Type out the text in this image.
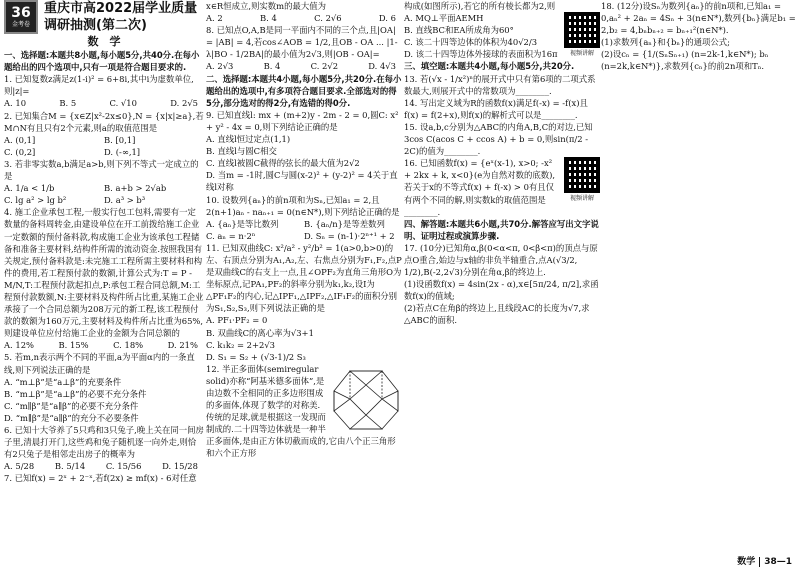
36
金考卷
重庆市高2022届学业质量
调研抽测(第二次)
数　学

一、选择题:本题共8小题,每小题5分,共40分.在每小题给出的四个选项中,只有一项是符合题目要求的.

1. 已知复数z满足z(1-i)² = 6+8i,其中i为虚数单位,则|z|=

A. 10	B. 5	C. √10	D. 2√5

2. 已知集合M = {x∈Z|x²-2x≤0},N = {x|x|≥a},若M∩N有且只有2个元素,则a的取值范围是

A. (0,1]	B. [0,1]
C. (0,2]	D. (-∞,1]

3. 若非零实数a,b满足a>b,则下列不等式一定成立的是

A. 1/a < 1/b	B. a+b > 2√ab
C. lg a² > lg b²	D. a³ > b³

4. 施工企业承包工程,一般实行包工包料,需要有一定数量的备料周转金,由建设单位在开工前拨给施工企业一定数额的预付备料款,构成施工企业为该承包工程储备和准备主要材料,结构件所需的流动资金.按照我国有关规定,预付备料款是:未完施工工程所需主要材料和构件的费用,若工程预付款的数额,计算公式为:T = P - M/N,T:工程预付款起扣点,P:承包工程合同总额,M:工程预付款数额,N:主要材料及构件所占比重,某施工企业承接了一个合同总额为208万元的新工程,该工程预付款的数额为160万元,主要材料及构件所占比重为65%,则建设单位应付给施工企业的金额为合同总额的

A. 12%	B. 15%	C. 18%	D. 21%

5. 若m,n表示两个不同的平面,a为平面α内的一条直线,则下列说法正确的是

A. “m⊥β”是“a⊥β”的充要条件

B. “m⊥β”是“a⊥β”的必要不充分条件

C. “m∥β”是“a∥β”的必要不充分条件

D. “m∥β”是“a∥β”的充分不必要条件

6. 已知十大爷养了5只鸡和3只兔子,晚上关在同一间房子里,清晨打开门,这些鸡和兔子随机逐一向外走,则恰有2只兔子是相邻走出房子的概率为

A. 5/28 B. 5/14 C. 15/56 D. 15/28

7. 已知f(x) = 2ˣ + 2⁻ˣ,若f(2x) ≥ mf(x) - 6对任意

x∈R恒成立,则实数m的最大值为

A. 2	B. 4	C. 2√6	D. 6

8. 已知点O,A,B是同一平面内不同的三个点,且|OA| = |AB| = 4,若cos∠AOB = 1/2,且OB - OA ... |1-λ|BO - 1/2BA|的最小值为2√3,则|OB - OA|=

A. 2√3	B. 4	C. 2√2	D. 4√3

二、选择题:本题共4小题,每小题5分,共20分.在每小题给出的选项中,有多项符合题目要求.全部选对的得5分,部分选对的得2分,有选错的得0分.

9. 已知直线l: mx + (m+2)y - 2m - 2 = 0,圆C: x² + y² - 4x = 0,则下列结论正确的是

A. 直线l恒过定点(1,1)

B. 直线l与圆C相交

C. 直线l被圆C截得的弦长的最大值为2√2

D. 当m = -1时,圆C与圆(x-2)² + (y-2)² = 4关于直线l对称

10. 设数列{aₙ}的前n项和为Sₙ,已知a₁ = 2,且2(n+1)aₙ - naₙ₊₁ = 0(n∈N*),则下列结论正确的是

A. {aₙ}是等比数列	B. {aₙ/n}是等差数列
C. aₙ = n·2ⁿ	D. Sₙ = (n-1)·2ⁿ⁺¹ + 2

11. 已知双曲线C: x²/a² - y²/b² = 1(a>0,b>0)的左、右顶点分别为A₁,A₂,左、右焦点分别为F₁,F₂,点P是双曲线C的右支上一点,且∠OPF₂为直角三角形O为坐标原点,记PA₁,PF₂的斜率分别为k₁,k₂,设I为△PF₁F₂的内心,记△IPF₁,△IPF₂,△IF₁F₂的面积分别为S₁,S₂,S₃,则下列说法正确的是

A. PF₁·PF₂ = 0

B. 双曲线C的离心率为√3+1

C. k₁k₂ = 2+2√3

D. S₁ = S₂ + (√3-1)/2 S₃

12. 半正多面体(semiregular solid)亦称“阿基米德多面体”,是由边数不全相同的正多边形围成的多面体,体现了数学的对称美.传统的足球,就是根据这一发现而制成的.二十四等边体就是一种半正多面体,是由正方体切截而成的,它由八个正三角形和六个正方形

构成(如图所示),若它的所有棱长都为2,则

视频讲解

A. MQ⊥平面AEMH

B. 直线BC和EA所成角为60°

C. 该二十四等边体的体积为40√2/3

D. 该二十四等边体外接球的表面积为16π

三、填空题:本题共4小题,每小题5分,共20分.

13. 若(√x - 1/x²)ⁿ的展开式中只有第6项的二项式系数最大,则展开式中的常数项为________.

14. 写出定义域为R的函数f(x)满足f(-x) = -f(x)且f(x) = f(2+x),则f(x)的解析式可以是________.

15. 设a,b,c分别为△ABC的内角A,B,C的对边,已知3cos C(acos C + ccos A) + b = 0,则sin(π/2 - 2C)的值为________.

视频讲解

16. 已知函数f(x) = {eˣ(x-1), x>0; -x² + 2kx + k, x<0}(e为自然对数的底数),若关于x的不等式f(x) + f(-x) > 0有且仅有两个不同的解,则实数k的取值范围是________.

四、解答题:本题共6小题,共70分.解答应写出文字说明、证明过程或演算步骤.

17. (10分)已知角α,β(0<α<π, 0<β<π)的顶点与原点O重合,始边与x轴的非负半轴重合,点A(√3/2, 1/2),B(-2,2√3)分别在角α,β的终边上.

(1)设函数f(x) = 4sin(2x - α),x∈[5π/24, π/2],求函数f(x)的值域;

(2)若点C在角β的终边上,且线段AC的长度为√7,求△ABC的面积.

18. (12分)设Sₙ为数列{aₙ}的前n项和,已知a₁ = 0,aₙ² + 2aₙ = 4Sₙ + 3(n∈N*),数列{bₙ}满足b₁ = 2,b₂ = 4,bₙbₙ₊₂ = bₙ₊₁²(n∈N*).

(1)求数列{aₙ}和{bₙ}的通项公式;

(2)设cₙ = {1/(SₙSₙ₊₁) (n=2k-1,k∈N*); bₙ (n=2k,k∈N*)},求数列{cₙ}的前2n项和Tₙ.

数学 38—1
